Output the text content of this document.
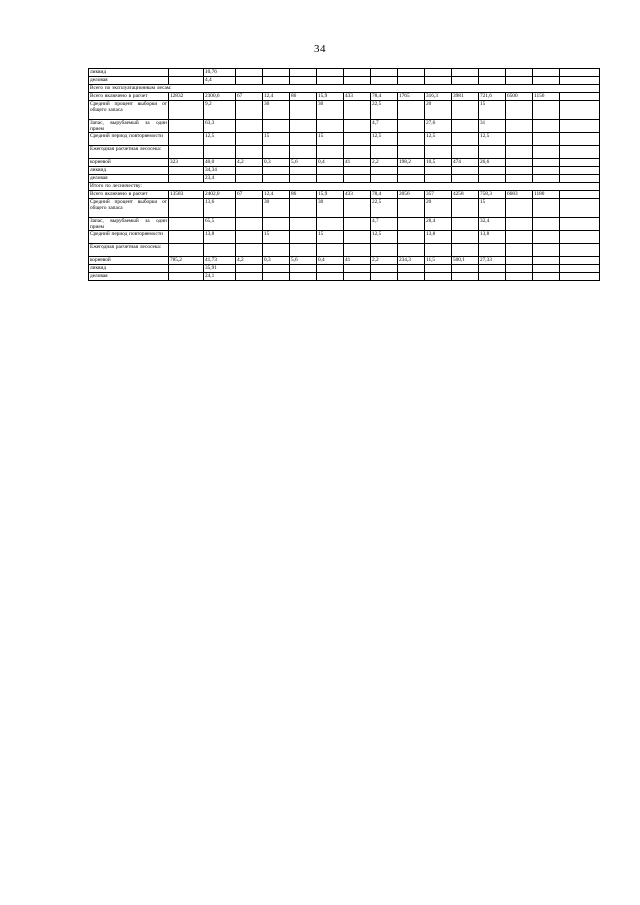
34
ликвид		10,76													
деловая		4,4													
Всего по эксплуатационным лесам:															
Всего включено в расчет	12832	2300,6	67	12,4	86	15,9	433	78,4	1765	316,3	3981	721,6	6500	1156	
Средний процент выборки от общего запаса		9,2		30		30		22,5		20		15			
Запас, вырубаемый за один прием		63,3						4,7		27,6		31			
Средний период повторяемости		12,5		15		15		12,5		12,5		12,5			
Ежегодная расчетная лесосека:															
корневой	323	40,0	4,2	0,3	5,6	0,4	41	2,2	198,2	10,5	474	26,6			
ликвид		34,34													
деловая		23,4													
Итого по лесничеству:															
Всего включено в расчет	13583	2402,0	67	12,4	86	15,9	433	78,4	2056	357	4258	758,3	6683	1180	
Средний процент выборки от общего запаса		13,6		30		30		22,5		20		15			
Запас, вырубаемый за один прием		65,5						4,7		28,4		32,4			
Средний период повторяемости		13,8		15		15		12,5		13,8		13,8			
Ежегодная расчетная лесосека:															
корневой	785,2	41,73	4,2	0,3	5,6	0,4	41	2,2	234,3	11,5	500,1	27,33			
ликвид		35,91													
деловая		24,1													
